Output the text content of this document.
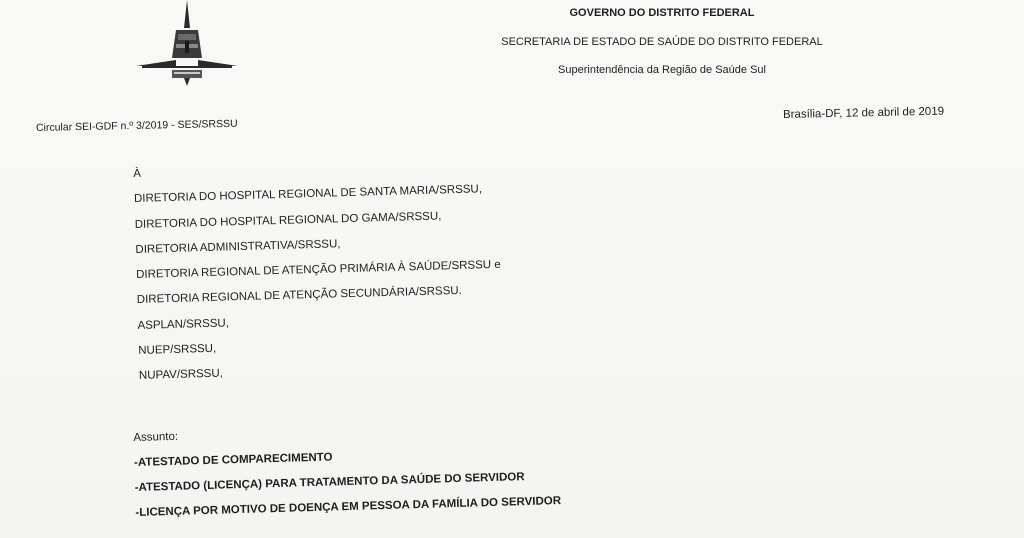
GOVERNO DO DISTRITO FEDERAL
SECRETARIA DE ESTADO DE SAÚDE DO DISTRITO FEDERAL
Superintendência da Região de Saúde Sul
Circular SEI-GDF n.º 3/2019 - SES/SRSSU
Brasília-DF, 12 de abril de 2019
À
DIRETORIA DO HOSPITAL REGIONAL DE SANTA MARIA/SRSSU,
DIRETORIA DO HOSPITAL REGIONAL DO GAMA/SRSSU,
DIRETORIA ADMINISTRATIVA/SRSSU,
DIRETORIA REGIONAL DE ATENÇÃO PRIMÁRIA À SAÚDE/SRSSU e
DIRETORIA REGIONAL DE ATENÇÃO SECUNDÁRIA/SRSSU.
ASPLAN/SRSSU,
NUEP/SRSSU,
NUPAV/SRSSU,
Assunto:
-ATESTADO DE COMPARECIMENTO
-ATESTADO (LICENÇA) PARA TRATAMENTO DA SAÚDE DO SERVIDOR
-LICENÇA POR MOTIVO DE DOENÇA EM PESSOA DA FAMÍLIA DO SERVIDOR
